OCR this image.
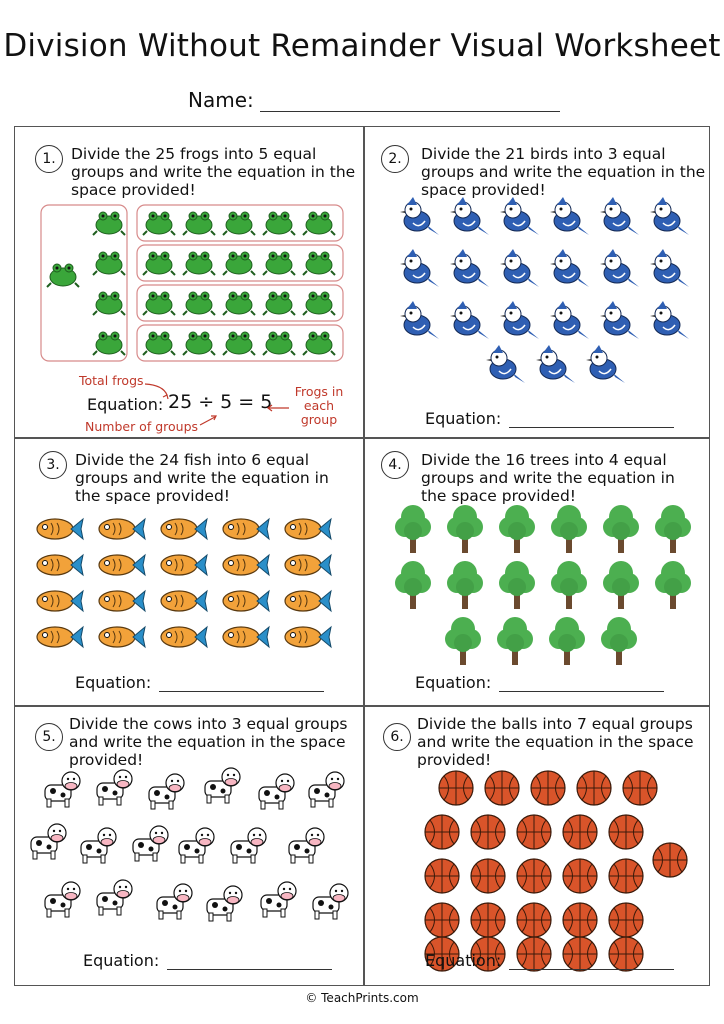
Division Without Remainder Visual Worksheet
Name:
1. Divide the 25 frogs into 5 equal
groups and write the equation in the
space provided!
Total frogs
Equation: 25 ÷ 5 = 5
Number of groups
Frogs in
each
group
2.	Divide the 21 birds into 3 equal
groups and write the equation in the
space provided!
Equation:
3. Divide the 24 fish into 6 equal
groups and write the equation in
the space provided!
Equation:
4.	Divide the 16 trees into 4 equal
groups and write the equation in
the space provided!
Equation:
5.
Divide the cows into 3 equal groups
and write the equation in the space
provided!
Equation:
6.
Divide the balls into 7 equal groups
and write the equation in the space
provided!
Equation:
© TeachPrints.com
